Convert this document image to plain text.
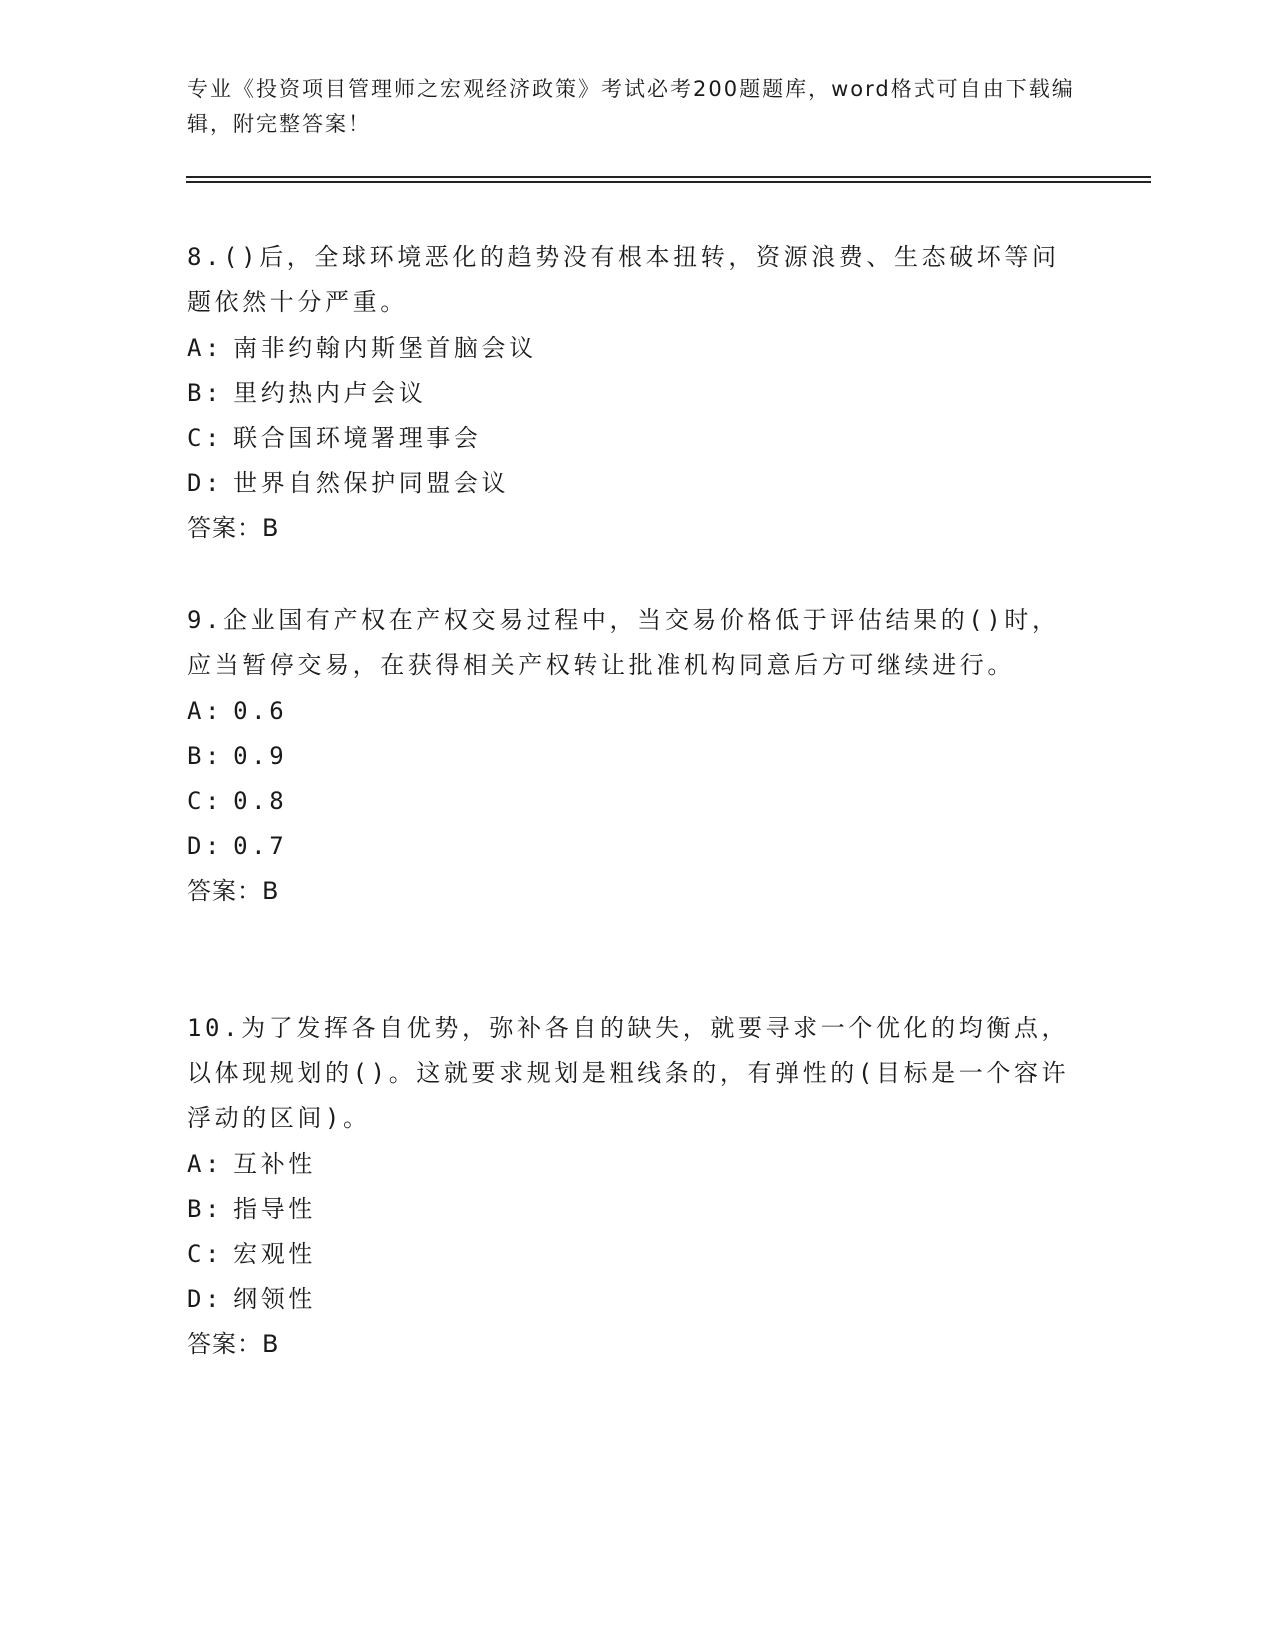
专业《投资项目管理师之宏观经济政策》考试必考200题题库，word格式可自由下载编辑，附完整答案！
8.()后，全球环境恶化的趋势没有根本扭转，资源浪费、生态破坏等问题依然十分严重。
A: 南非约翰内斯堡首脑会议
B: 里约热内卢会议
C: 联合国环境署理事会
D: 世界自然保护同盟会议
答案：B
9.企业国有产权在产权交易过程中，当交易价格低于评估结果的()时，应当暂停交易，在获得相关产权转让批准机构同意后方可继续进行。
A: 0.6
B: 0.9
C: 0.8
D: 0.7
答案：B
10.为了发挥各自优势，弥补各自的缺失，就要寻求一个优化的均衡点，以体现规划的()。这就要求规划是粗线条的，有弹性的(目标是一个容许浮动的区间)。
A: 互补性
B: 指导性
C: 宏观性
D: 纲领性
答案：B
